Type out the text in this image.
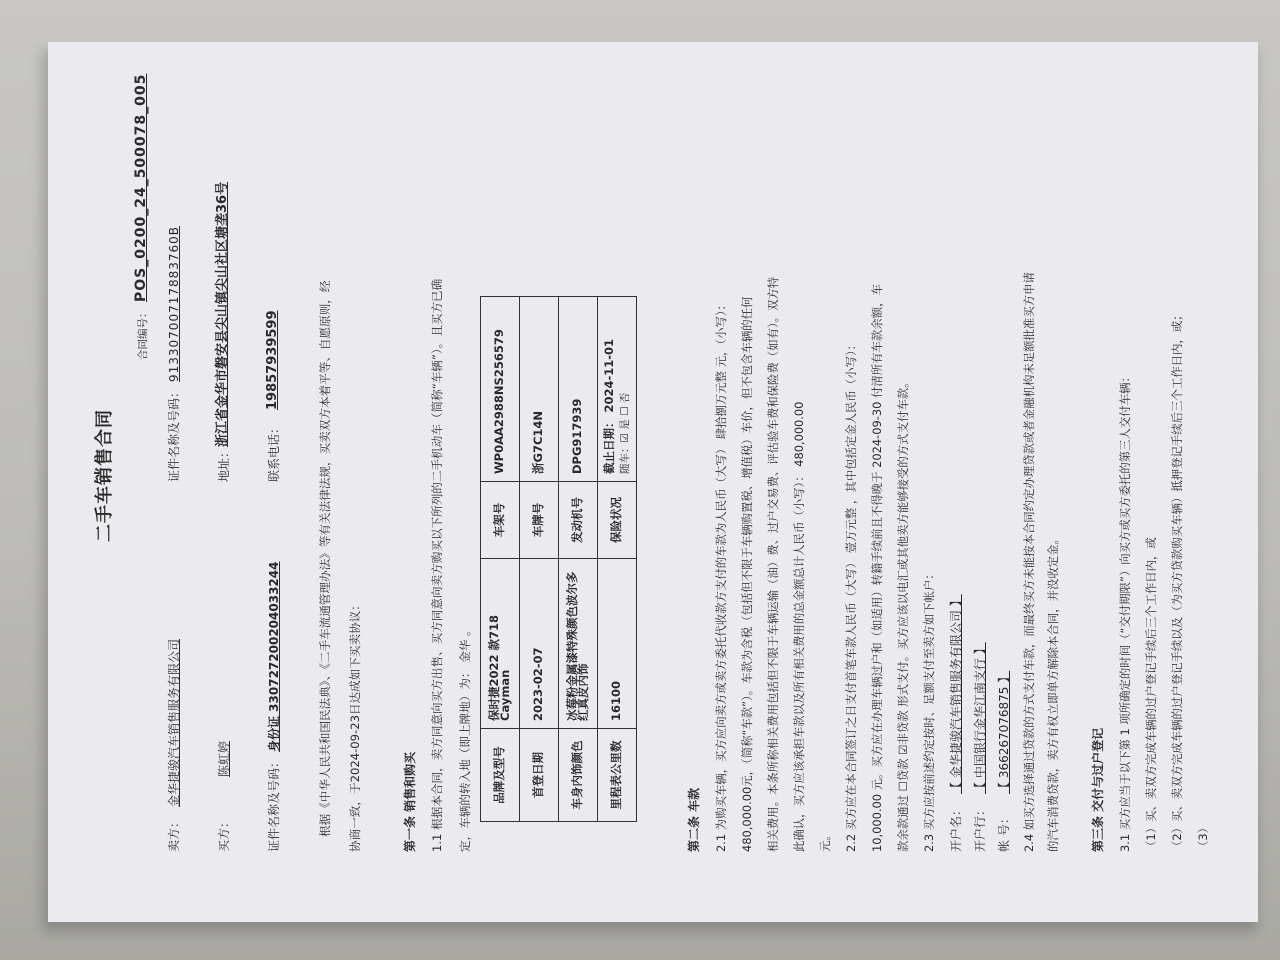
二手车销售合同
合同编号：
POS_0200_24_500078_005
卖方：
金华捷骏汽车销售服务有限公司
证件名称及号码：
91330700717883760B
买方：
陈虹婷
地址：
浙江省金华市磐安县尖山镇尖山社区塘垄36号
证件名称及号码：
身份证 330727200204033244
联系电话：
19857939599	根据《中华人民共和国民法典》、《二手车流通管理办法》等有关法律法规，买卖双方本着平等、自愿原则，经 协商一致，于2024-09-23日达成如下买卖协议：	第一条 销售和购买 1.1 根据本合同，卖方同意向买方出售、买方同意向卖方购买以下所列的二手机动车（简称“车辆”）。且买方已确 定，车辆的转入地（即上牌地）为： 金华 。 品牌及型号	保时捷2022 款718 Cayman	车架号	WP0AA2988NS256579
首登日期	2023-02-07	车牌号	浙G7C14N
车身内饰颜色	冰莓粉金属漆特殊颜色波尔多红真皮内饰	发动机号	DPG917939
里程表公里数	16100	保险状况	截止日期： 2024-11-01 随车：☑ 是 ☐ 否
第二条 车款 2.1 为购买车辆，买方应向卖方或卖方委托代收款方支付的车款为人民币（大写） 肆拾捌万元整 元，（小写）： 480,000.00元，（简称“车款”）。车款为含税（包括但不限于车辆购置税、增值税）车价，但不包含车辆的任何 相关费用。本条所称相关费用包括但不限于车辆运输（油）费、过户交易费、评估验车费和保险费（如有）。双方特 此确认，买方应该承担车款以及所有相关费用的总金额总计人民币（小写）： 480,000.00 元。 2.2 买方应在本合同签订之日支付首笔车款人民币（大写） 壹万元整 ，其中包括定金人民币（小写）： 10,000.00 元。买方应在办理车辆过户和（如适用）转籍手续前且不得晚于 2024-09-30 付清所有车款余额，车 款余款通过 ☐贷款 ☑非贷款 形式支付。买方应该以电汇或其他卖方能够接受的方式支付车款。 2.3 买方应按前述约定按时、足额支付至卖方如下帐户： 开户名：
【 金华捷骏汽车销售服务有限公司 】
开户行：
【 中国银行金华江南支行 】
帐 号：
【 366267076875 】 2.4 如买方选择通过贷款的方式支付车款，而最终买方未能按本合同约定办理贷款或者金融机构未足额批准买方申请 的汽车消费贷款，卖方有权立即单方解除本合同，并没收定金。	第三条 交付与过户登记 3.1 买方应当于以下第 1 项所确定的时间（“交付期限”）向买方或买方委托的第三人交付车辆： （1）买、卖双方完成车辆的过户登记手续后三个工作日内，或 （2）买、卖双方完成车辆的过户登记手续以及（为买方贷款购买车辆）抵押登记手续后三个工作日内，或； （3）
